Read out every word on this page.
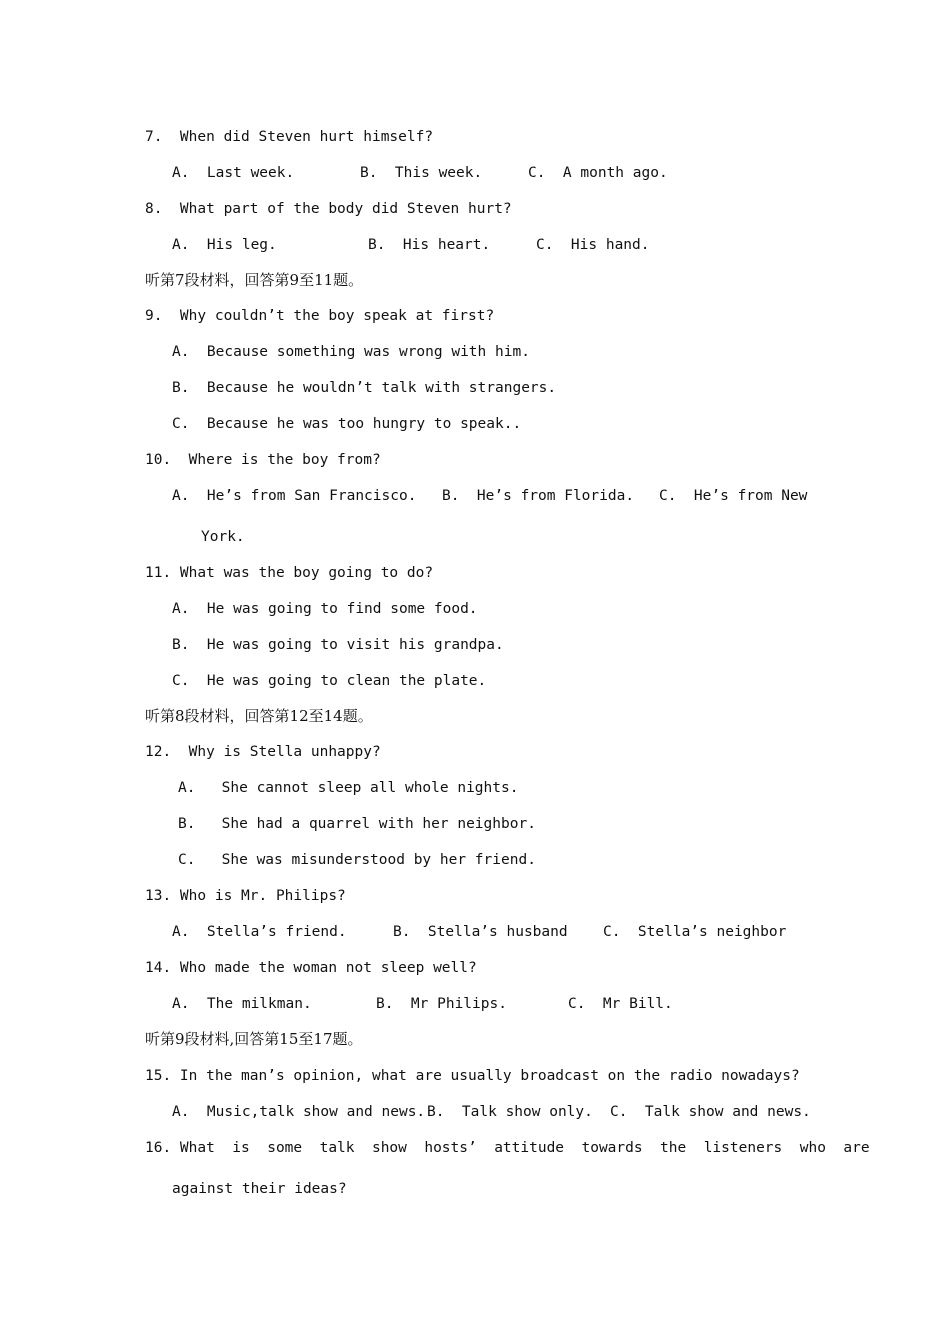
7.  When did Steven hurt himself?
A.  Last week.	B.  This week.	C.  A month ago.
8.  What part of the body did Steven hurt?
A.  His leg.	B.  His heart.	C.  His hand.
听第7段材料，回答第9至11题。
9.  Why couldn’t the boy speak at first?
A.  Because something was wrong with him.
B.  Because he wouldn’t talk with strangers.
C.  Because he was too hungry to speak..
10.  Where is the boy from?
A.  He’s from San Francisco. B.  He’s from Florida. C.  He’s from New
York.
11. What was the boy going to do?
A.  He was going to find some food.
B.  He was going to visit his grandpa.
C.  He was going to clean the plate.
听第8段材料，回答第12至14题。
12.  Why is Stella unhappy?
A.   She cannot sleep all whole nights.
B.   She had a quarrel with her neighbor.
C.   She was misunderstood by her friend.
13. Who is Mr. Philips?
A.  Stella’s friend.	B.  Stella’s husband C.  Stella’s neighbor
14. Who made the woman not sleep well?
A.  The milkman.	B.  Mr Philips.	C.  Mr Bill.
听第9段材料,回答第15至17题。
15. In the man’s opinion, what are usually broadcast on the radio nowadays?
A.  Music,talk show and news. B.  Talk show only. C.  Talk show and news.
16. What  is  some  talk  show  hosts’  attitude  towards  the  listeners  who  are
against their ideas?
